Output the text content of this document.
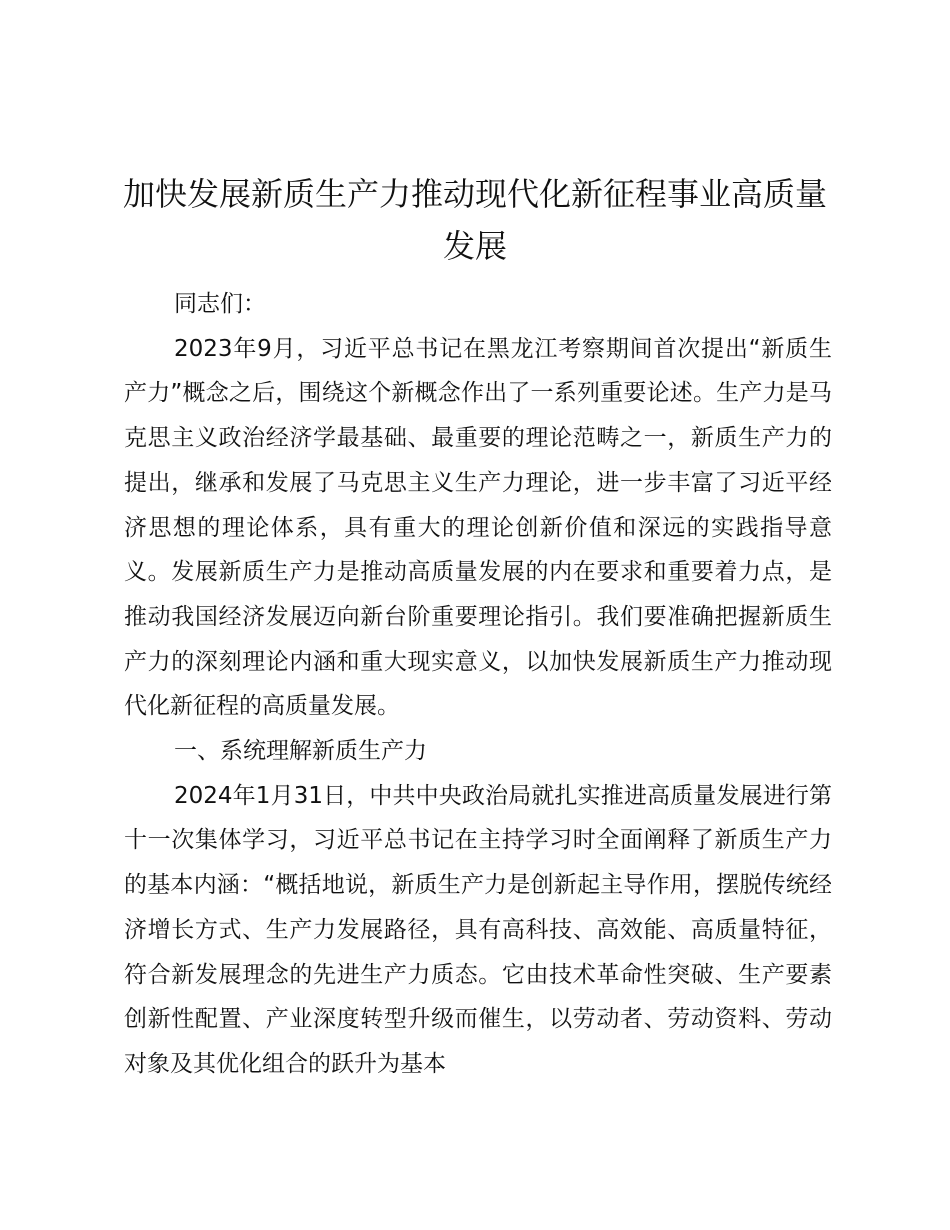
加快发展新质生产力推动现代化新征程事业高质量发展

同志们：

2023年9月，习近平总书记在黑龙江考察期间首次提出“新质生产力”概念之后，围绕这个新概念作出了一系列重要论述。生产力是马克思主义政治经济学最基础、最重要的理论范畴之一，新质生产力的提出，继承和发展了马克思主义生产力理论，进一步丰富了习近平经济思想的理论体系，具有重大的理论创新价值和深远的实践指导意义。发展新质生产力是推动高质量发展的内在要求和重要着力点，是推动我国经济发展迈向新台阶重要理论指引。我们要准确把握新质生产力的深刻理论内涵和重大现实意义，以加快发展新质生产力推动现代化新征程的高质量发展。

一、系统理解新质生产力

2024年1月31日，中共中央政治局就扎实推进高质量发展进行第十一次集体学习，习近平总书记在主持学习时全面阐释了新质生产力的基本内涵：“概括地说，新质生产力是创新起主导作用，摆脱传统经济增长方式、生产力发展路径，具有高科技、高效能、高质量特征，符合新发展理念的先进生产力质态。它由技术革命性突破、生产要素创新性配置、产业深度转型升级而催生，以劳动者、劳动资料、劳动对象及其优化组合的跃升为基本
